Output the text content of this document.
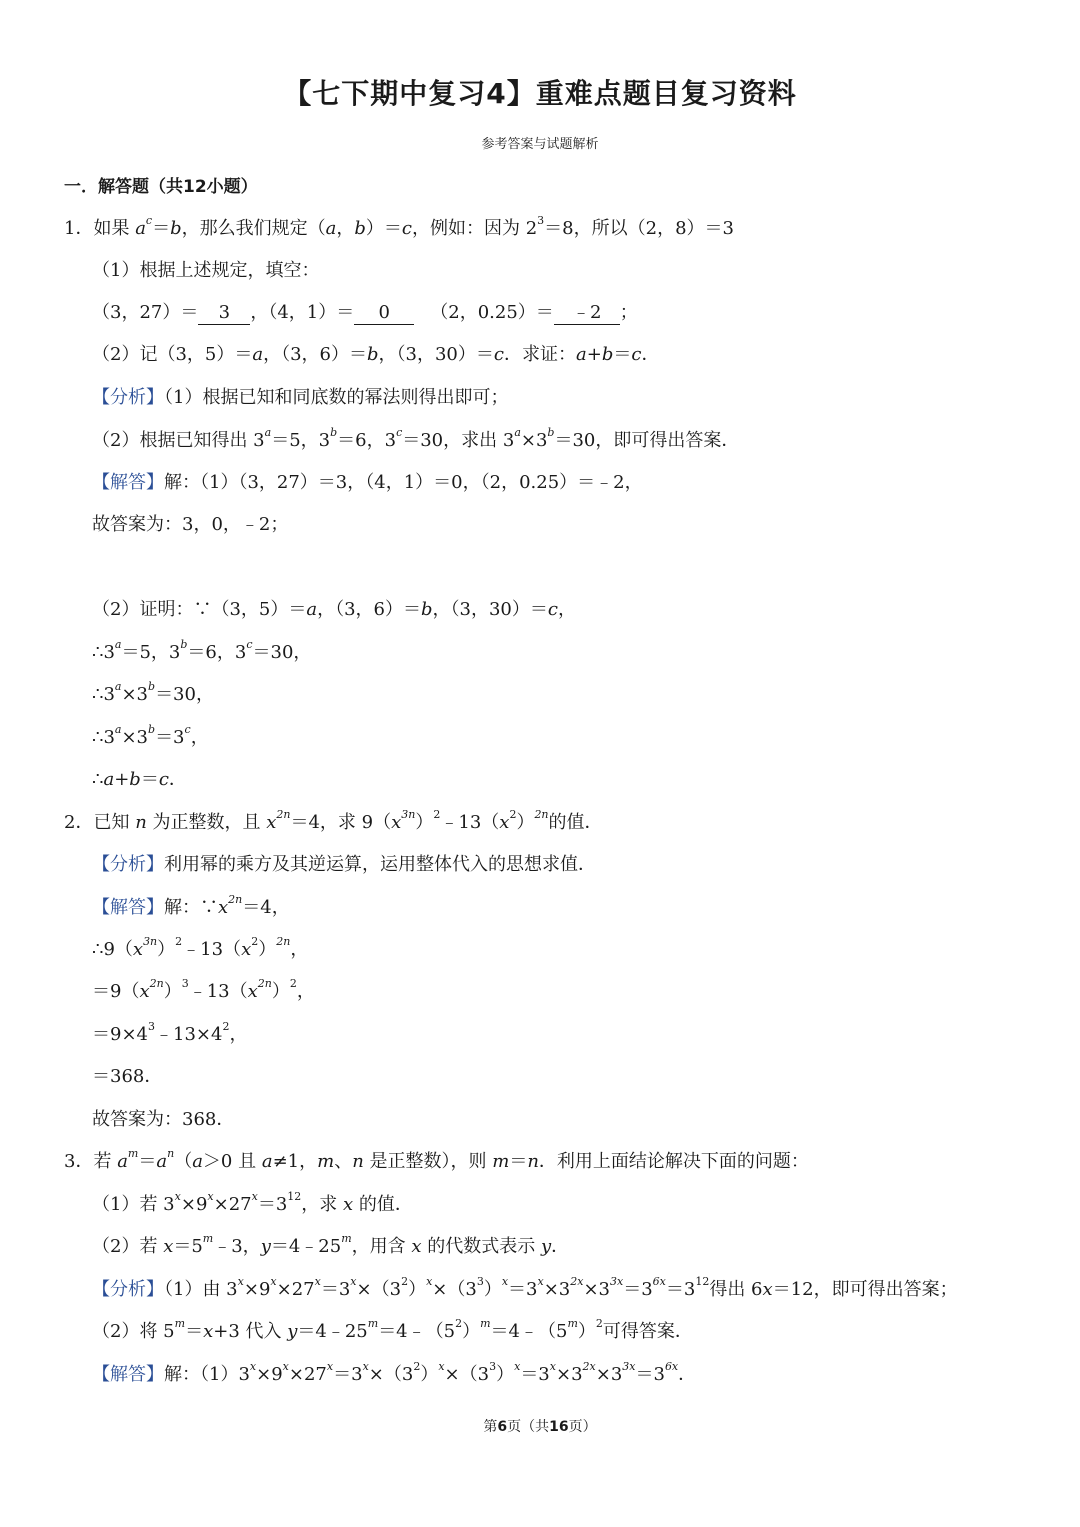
【七下期中复习4】重难点题目复习资料
参考答案与试题解析
一．解答题（共12小题）
1．如果 $a^c=b$，那么我们规定（a，b）＝c，例如：因为 $2^3=8$，所以（2，8）＝3
（1）根据上述规定，填空：
（3，27）＝ 3 ，（4，1）＝ 0 （2，0.25）＝ ﹣2 ；
（2）记（3，5）＝a，（3，6）＝b，（3，30）＝c．求证：a+b＝c．
【分析】（1）根据已知和同底数的幂法则得出即可；
（2）根据已知得出 $3^a=5$，$3^b=6$，$3^c=30$，求出 $3^a\times 3^b=30$，即可得出答案．
【解答】解：（1）（3，27）＝3，（4，1）＝0，（2，0.25）＝﹣2，
故答案为：3，0，﹣2；
（2）证明：∵（3，5）＝a，（3，6）＝b，（3，30）＝c，
$\therefore 3^a=5$，$3^b=6$，$3^c=30$，
$\therefore 3^a\times 3^b=30$，
$\therefore 3^a\times 3^b=3^c$，
∴a+b＝c．
2．已知 n 为正整数，且 $x^{2n}=4$，求 $9(x^{3n})^2﹣13(x^2)^{2n}$的值．
【分析】利用幂的乘方及其逆运算，运用整体代入的思想求值．
【解答】解：$\because x^{2n}=4$，
$\therefore 9(x^{3n})^2﹣13(x^2)^{2n}$，
$=9(x^{2n})^3﹣13(x^{2n})^2$，
$=9\times 4^3﹣13\times 4^2$，
＝368．
故答案为：368．
3．若 $a^m=a^n(a>0$ 且 a≠1，m、n 是正整数），则 m＝n．利用上面结论解决下面的问题：
（1）若 $3^x\times 9^x\times 27^x=3^{12}$，求 x 的值．
（2）若 $x=5^m﹣3$，$y=4﹣25^m$，用含 x 的代数式表示 y．
【分析】（1）由 $3^x\times 9^x\times 27^x=3^x\times(3^2)^x\times(3^3)^x=3^x\times 3^{2x}\times 3^{3x}=3^{6x}=3^{12}$得出 6x＝12，即可得出答案；
（2）将 $5^m=x+3$ 代入 $y=4﹣25^m=4﹣(5^2)^m=4﹣(5^m)^2$可得答案．
【解答】解：$(1)3^x\times 9^x\times 27^x=3^x\times(3^2)^x\times(3^3)^x=3^x\times 3^{2x}\times 3^{3x}=3^{6x}$．
第6页（共16页）
